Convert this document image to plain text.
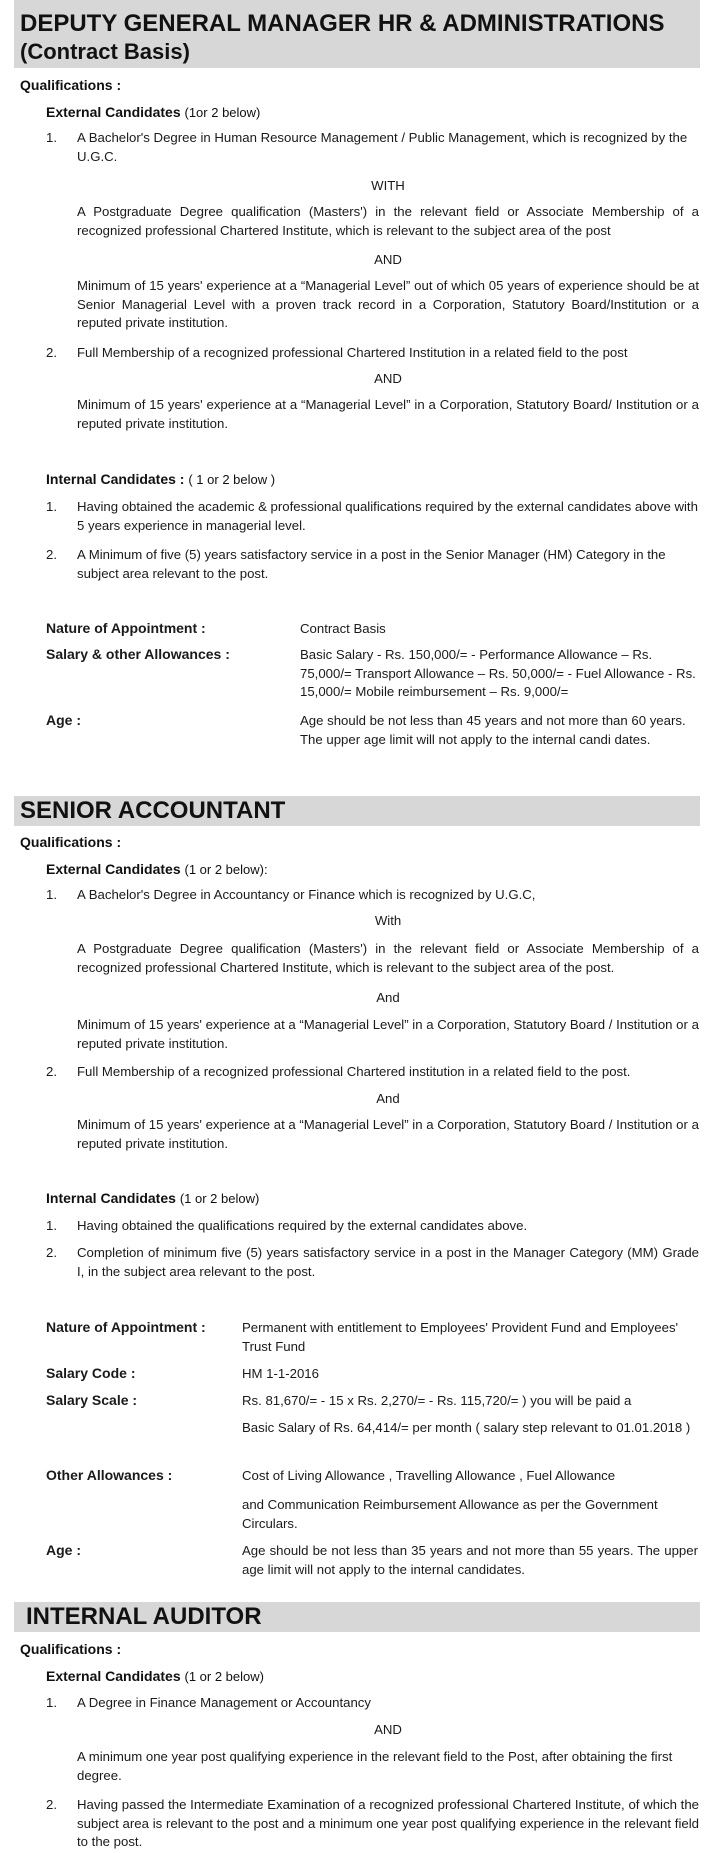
DEPUTY GENERAL MANAGER HR & ADMINISTRATIONS
(Contract Basis)
Qualifications :
External Candidates (1or 2 below)
1. A Bachelor's Degree in Human Resource Management / Public Management, which is recognized by the U.G.C.
WITH
A Postgraduate Degree qualification (Masters') in the relevant field or Associate Membership of a recognized professional Chartered Institute, which is relevant to the subject area of the post
AND
Minimum of 15 years' experience at a “Managerial Level” out of which 05 years of experience should be at Senior Managerial Level with a proven track record in a Corporation, Statutory Board/Institution or a reputed private institution.
2. Full Membership of a recognized professional Chartered Institution in a related field to the post
AND
Minimum of 15 years' experience at a “Managerial Level” in a Corporation, Statutory Board/ Institution or a reputed private institution.
Internal Candidates : ( 1 or 2 below )
1. Having obtained the academic & professional qualifications required by the external candidates above with 5 years experience in managerial level.
2. A Minimum of five (5) years satisfactory service in a post in the Senior Manager (HM) Category in the subject area relevant to the post.
Nature of Appointment :	Contract Basis
Salary & other Allowances :	Basic Salary - Rs. 150,000/= - Performance Allowance – Rs. 75,000/= Transport Allowance – Rs. 50,000/= - Fuel Allowance - Rs. 15,000/= Mobile reimbursement – Rs. 9,000/=
Age :	Age should be not less than 45 years and not more than 60 years. The upper age limit will not apply to the internal candi dates.
SENIOR ACCOUNTANT
Qualifications :
External Candidates (1 or 2 below):
1. A Bachelor's Degree in Accountancy or Finance which is recognized by U.G.C,
With
A Postgraduate Degree qualification (Masters') in the relevant field or Associate Membership of a recognized professional Chartered Institute, which is relevant to the subject area of the post.
And
Minimum of 15 years' experience at a “Managerial Level” in a Corporation, Statutory Board / Institution or a reputed private institution.
2. Full Membership of a recognized professional Chartered institution in a related field to the post.
And
Minimum of 15 years' experience at a “Managerial Level” in a Corporation, Statutory Board / Institution or a reputed private institution.
Internal Candidates (1 or 2 below)
1. Having obtained the qualifications required by the external candidates above.
2. Completion of minimum five (5) years satisfactory service in a post in the Manager Category (MM) Grade I, in the subject area relevant to the post.
Nature of Appointment :	Permanent with entitlement to Employees' Provident Fund and Employees' Trust Fund
Salary Code :	HM 1-1-2016
Salary Scale :	Rs. 81,670/= - 15 x Rs. 2,270/= - Rs. 115,720/= ) you will be paid a
Basic Salary of Rs. 64,414/= per month ( salary step relevant to 01.01.2018 )
Other Allowances :	Cost of Living Allowance , Travelling Allowance , Fuel Allowance
and Communication Reimbursement Allowance as per the Government Circulars.
Age :	Age should be not less than 35 years and not more than 55 years. The upper age limit will not apply to the internal candidates.
INTERNAL AUDITOR
Qualifications :
External Candidates (1 or 2 below)
1. A Degree in Finance Management or Accountancy
AND
A minimum one year post qualifying experience in the relevant field to the Post, after obtaining the first degree.
2. Having passed the Intermediate Examination of a recognized professional Chartered Institute, of which the subject area is relevant to the post and a minimum one year post qualifying experience in the relevant field to the post.
